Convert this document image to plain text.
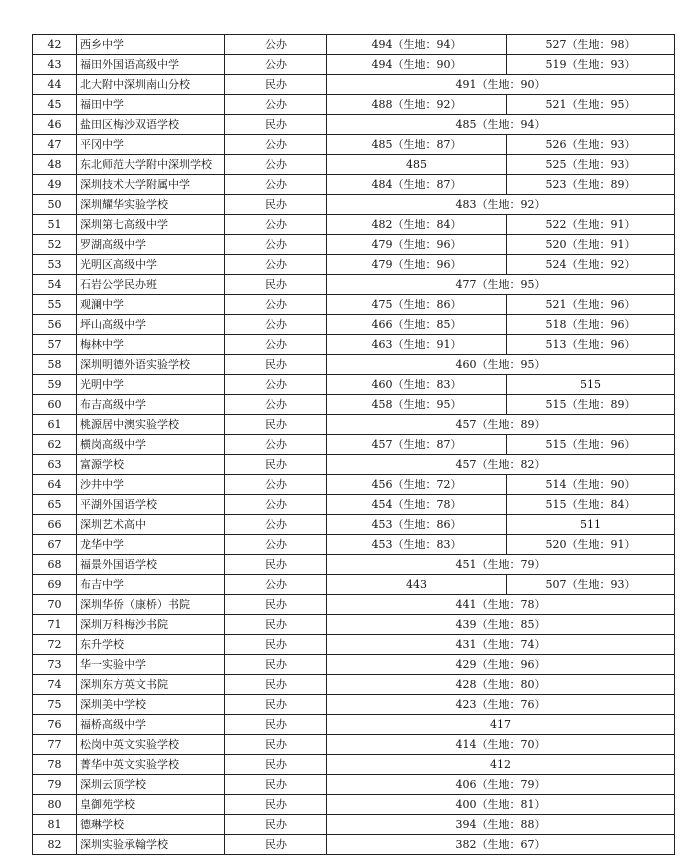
42	西乡中学	公办	494（生地：94）	527（生地：98）
43	福田外国语高级中学	公办	494（生地：90）	519（生地：93）
44	北大附中深圳南山分校	民办	491（生地：90）	
45	福田中学	公办	488（生地：92）	521（生地：95）
46	盐田区梅沙双语学校	民办	485（生地：94）	
47	平冈中学	公办	485（生地：87）	526（生地：93）
48	东北师范大学附中深圳学校	公办	485	525（生地：93）
49	深圳技术大学附属中学	公办	484（生地：87）	523（生地：89）
50	深圳耀华实验学校	民办	483（生地：92）	
51	深圳第七高级中学	公办	482（生地：84）	522（生地：91）
52	罗湖高级中学	公办	479（生地：96）	520（生地：91）
53	光明区高级中学	公办	479（生地：96）	524（生地：92）
54	石岩公学民办班	民办	477（生地：95）	
55	观澜中学	公办	475（生地：86）	521（生地：96）
56	坪山高级中学	公办	466（生地：85）	518（生地：96）
57	梅林中学	公办	463（生地：91）	513（生地：96）
58	深圳明德外语实验学校	民办	460（生地：95）	
59	光明中学	公办	460（生地：83）	515
60	布吉高级中学	公办	458（生地：95）	515（生地：89）
61	桃源居中澳实验学校	民办	457（生地：89）	
62	横岗高级中学	公办	457（生地：87）	515（生地：96）
63	富源学校	民办	457（生地：82）	
64	沙井中学	公办	456（生地：72）	514（生地：90）
65	平湖外国语学校	公办	454（生地：78）	515（生地：84）
66	深圳艺术高中	公办	453（生地：86）	511
67	龙华中学	公办	453（生地：83）	520（生地：91）
68	福景外国语学校	民办	451（生地：79）	
69	布吉中学	公办	443	507（生地：93）
70	深圳华侨（康桥）书院	民办	441（生地：78）	
71	深圳万科梅沙书院	民办	439（生地：85）	
72	东升学校	民办	431（生地：74）	
73	华一实验中学	民办	429（生地：96）	
74	深圳东方英文书院	民办	428（生地：80）	
75	深圳美中学校	民办	423（生地：76）	
76	福桥高级中学	民办	417	
77	松岗中英文实验学校	民办	414（生地：70）	
78	菁华中英文实验学校	民办	412	
79	深圳云顶学校	民办	406（生地：79）	
80	皇御苑学校	民办	400（生地：81）	
81	德琳学校	民办	394（生地：88）	
82	深圳实验承翰学校	民办	382（生地：67）	
